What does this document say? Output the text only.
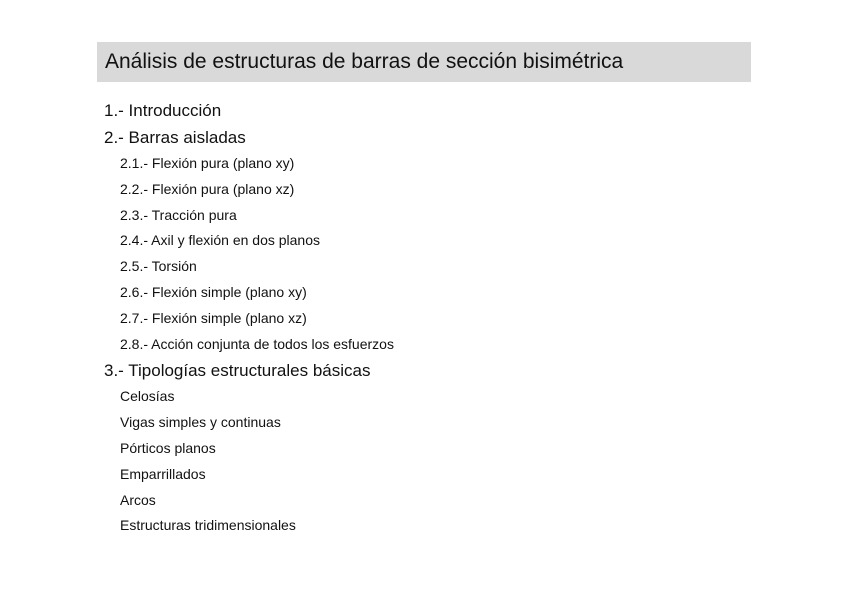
Análisis de estructuras de barras de sección bisimétrica
1.- Introducción
2.- Barras aisladas
2.1.- Flexión pura (plano xy)
2.2.- Flexión pura (plano xz)
2.3.- Tracción pura
2.4.- Axil y flexión en dos planos
2.5.- Torsión
2.6.- Flexión simple (plano xy)
2.7.- Flexión simple (plano xz)
2.8.- Acción conjunta de todos los esfuerzos
3.- Tipologías estructurales básicas
Celosías
Vigas simples y continuas
Pórticos planos
Emparrillados
Arcos
Estructuras tridimensionales
